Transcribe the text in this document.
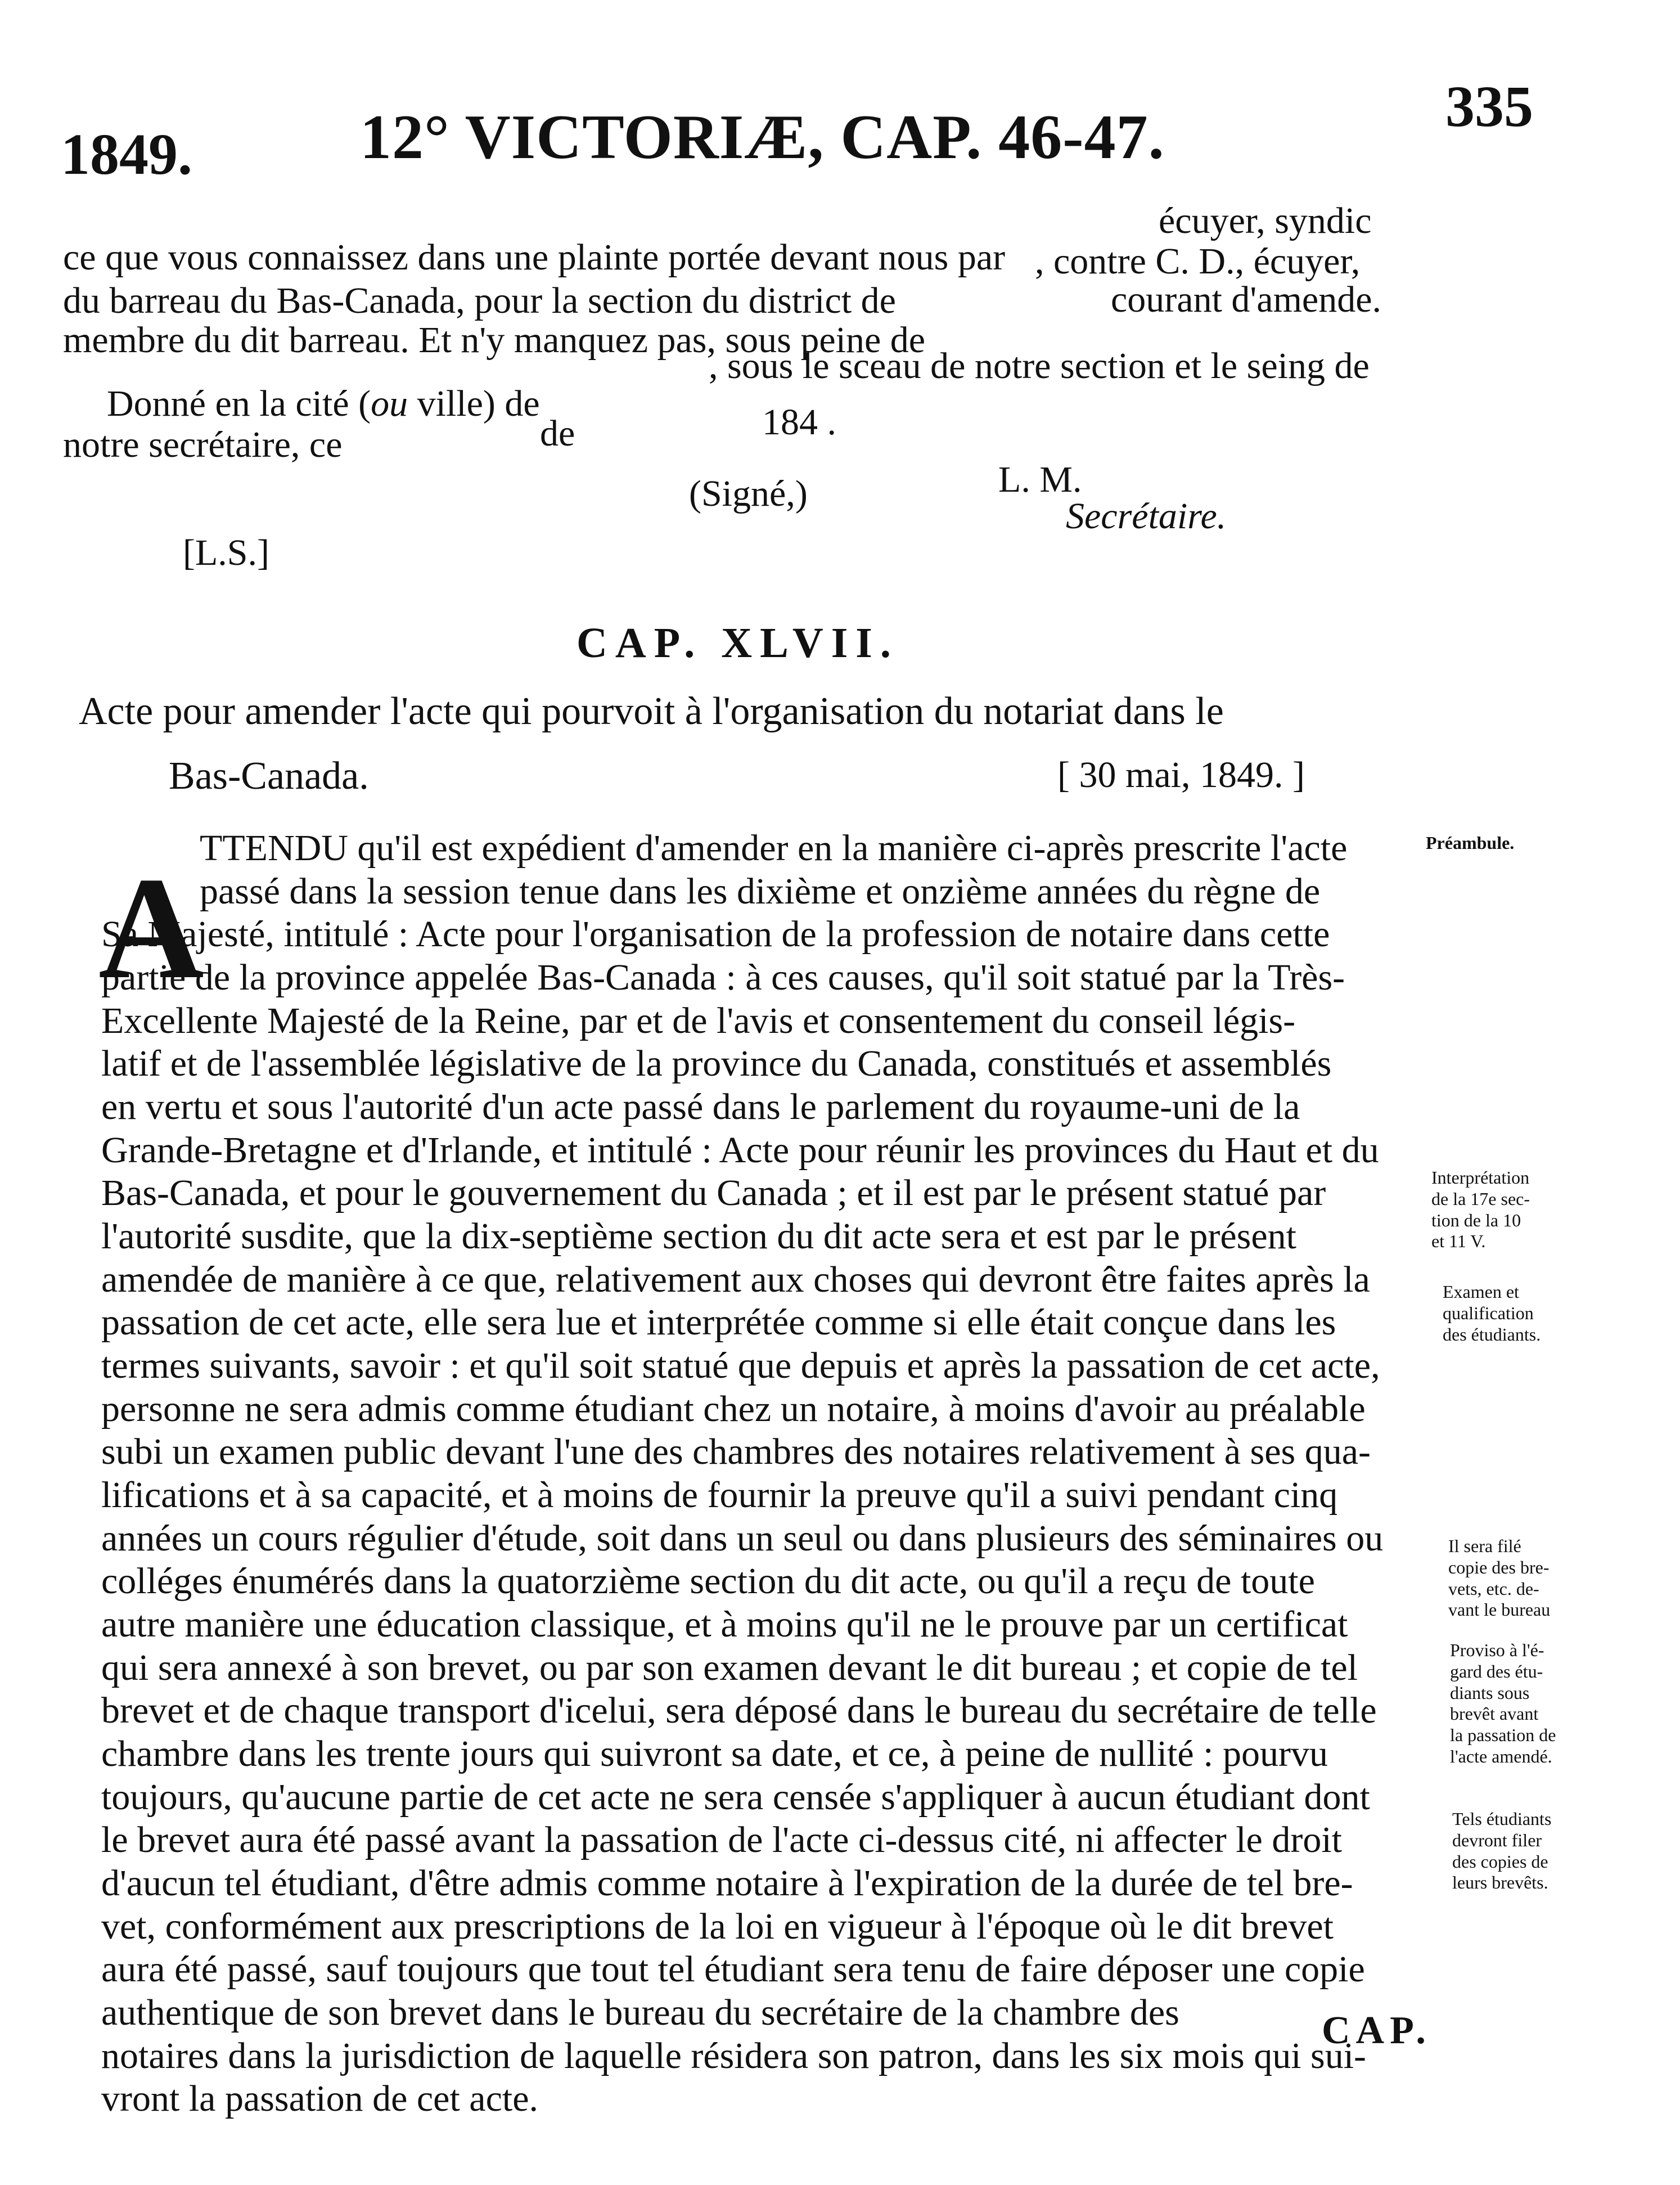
1849.	12° VICTORIÆ, CAP. 46-47.	335
ce que vous connaissez dans une plainte portée devant nous par
écuyer, syndic
du barreau du Bas-Canada, pour la section du district de
, contre C. D., écuyer,
membre du dit barreau. Et n'y manquez pas, sous peine de
courant d'amende.
Donné en la cité (ou ville) de
, sous le sceau de notre section et le seing de
notre secrétaire, ce	de	184 .
(Signé,)	L. M.
Secrétaire.
[L.S.]
CAP. XLVII.
Acte pour amender l'acte qui pourvoit à l'organisation du notariat dans le
Bas-Canada.	[ 30 mai, 1849. ]
A
TTENDU qu'il est expédient d'amender en la manière ci-après prescrite l'acte
passé dans la session tenue dans les dixième et onzième années du règne de
Sa Majesté, intitulé : Acte pour l'organisation de la profession de notaire dans cette
partie de la province appelée Bas-Canada : à ces causes, qu'il soit statué par la Très-
Excellente Majesté de la Reine, par et de l'avis et consentement du conseil légis-
latif et de l'assemblée législative de la province du Canada, constitués et assemblés
en vertu et sous l'autorité d'un acte passé dans le parlement du royaume-uni de la
Grande-Bretagne et d'Irlande, et intitulé : Acte pour réunir les provinces du Haut et du
Bas-Canada, et pour le gouvernement du Canada ; et il est par le présent statué par
l'autorité susdite, que la dix-septième section du dit acte sera et est par le présent
amendée de manière à ce que, relativement aux choses qui devront être faites après la
passation de cet acte, elle sera lue et interprétée comme si elle était conçue dans les
termes suivants, savoir : et qu'il soit statué que depuis et après la passation de cet acte,
personne ne sera admis comme étudiant chez un notaire, à moins d'avoir au préalable
subi un examen public devant l'une des chambres des notaires relativement à ses qua-
lifications et à sa capacité, et à moins de fournir la preuve qu'il a suivi pendant cinq
années un cours régulier d'étude, soit dans un seul ou dans plusieurs des séminaires ou
colléges énumérés dans la quatorzième section du dit acte, ou qu'il a reçu de toute
autre manière une éducation classique, et à moins qu'il ne le prouve par un certificat
qui sera annexé à son brevet, ou par son examen devant le dit bureau ; et copie de tel
brevet et de chaque transport d'icelui, sera déposé dans le bureau du secrétaire de telle
chambre dans les trente jours qui suivront sa date, et ce, à peine de nullité : pourvu
toujours, qu'aucune partie de cet acte ne sera censée s'appliquer à aucun étudiant dont
le brevet aura été passé avant la passation de l'acte ci-dessus cité, ni affecter le droit
d'aucun tel étudiant, d'être admis comme notaire à l'expiration de la durée de tel bre-
vet, conformément aux prescriptions de la loi en vigueur à l'époque où le dit brevet
aura été passé, sauf toujours que tout tel étudiant sera tenu de faire déposer une copie
authentique de son brevet dans le bureau du secrétaire de la chambre des
notaires dans la jurisdiction de laquelle résidera son patron, dans les six mois qui sui-
vront la passation de cet acte.
Préambule.
Interprétation
de la 17e sec-
tion de la 10
et 11 V.
Examen et
qualification
des étudiants.
Il sera filé
copie des bre-
vets, etc. de-
vant le bureau
Proviso à l'é-
gard des étu-
diants sous
brevêt avant
la passation de
l'acte amendé.
Tels étudiants
devront filer
des copies de
leurs brevêts.
CAP.
